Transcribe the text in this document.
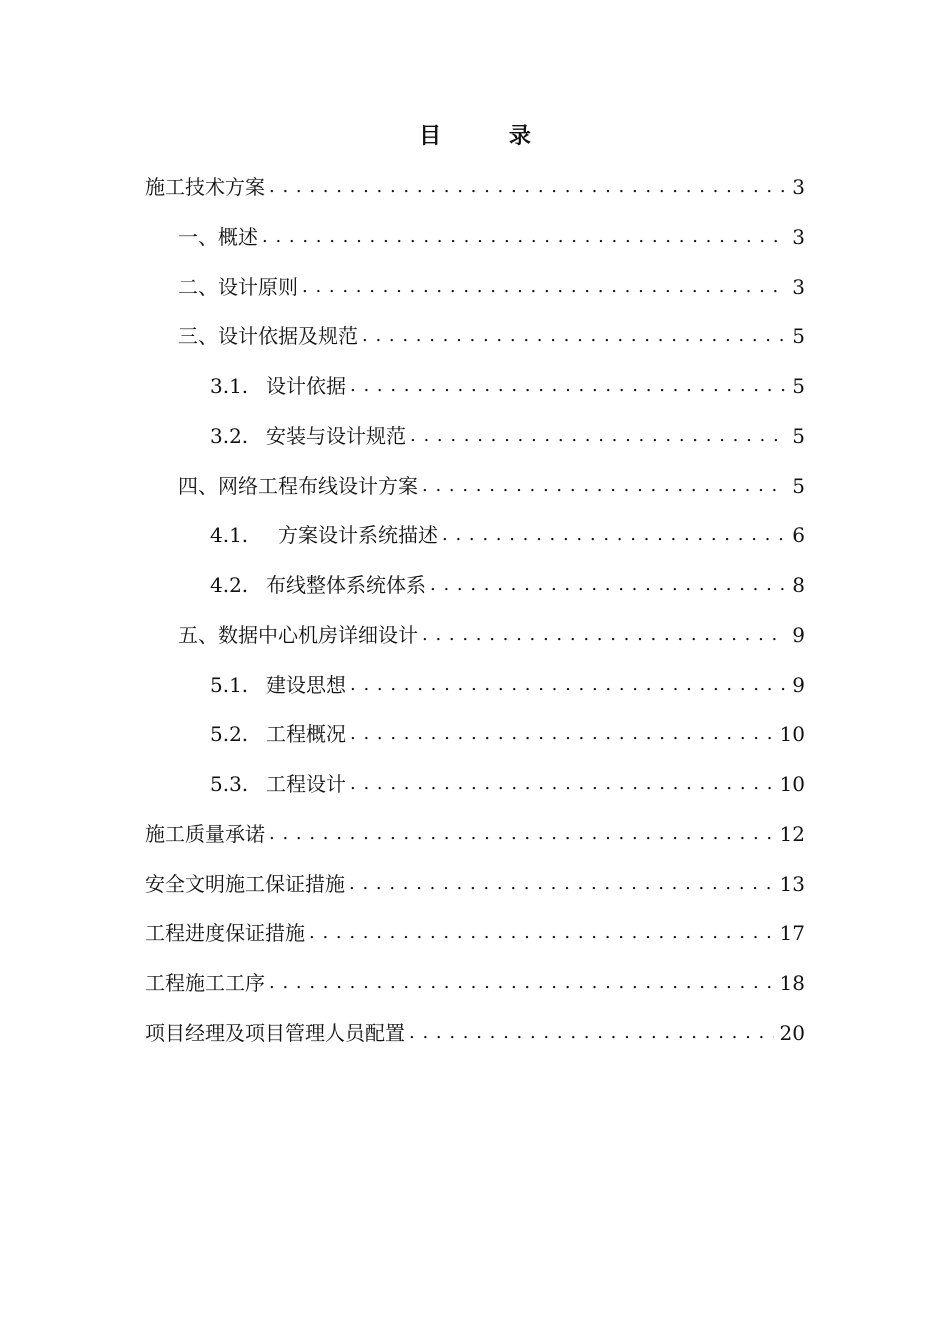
目 录
施工技术方案 . . .	3
一、概述 . . .	3
二、设计原则 . . .	3
三、设计依据及规范 . . .	5
3.1. 设计依据 . . .	5
3.2. 安装与设计规范 . . .	5
四、网络工程布线设计方案 . . .	5
4.1. 方案设计系统描述 . . .	6
4.2. 布线整体系统体系 . . .	8
五、数据中心机房详细设计 . . .	9
5.1. 建设思想 . . .	9
5.2. 工程概况 . . .	10
5.3. 工程设计 . . .	10
施工质量承诺 . . .	12
安全文明施工保证措施 . . .	13
工程进度保证措施 . . .	17
工程施工工序 . . .	18
项目经理及项目管理人员配置 . . .	20
